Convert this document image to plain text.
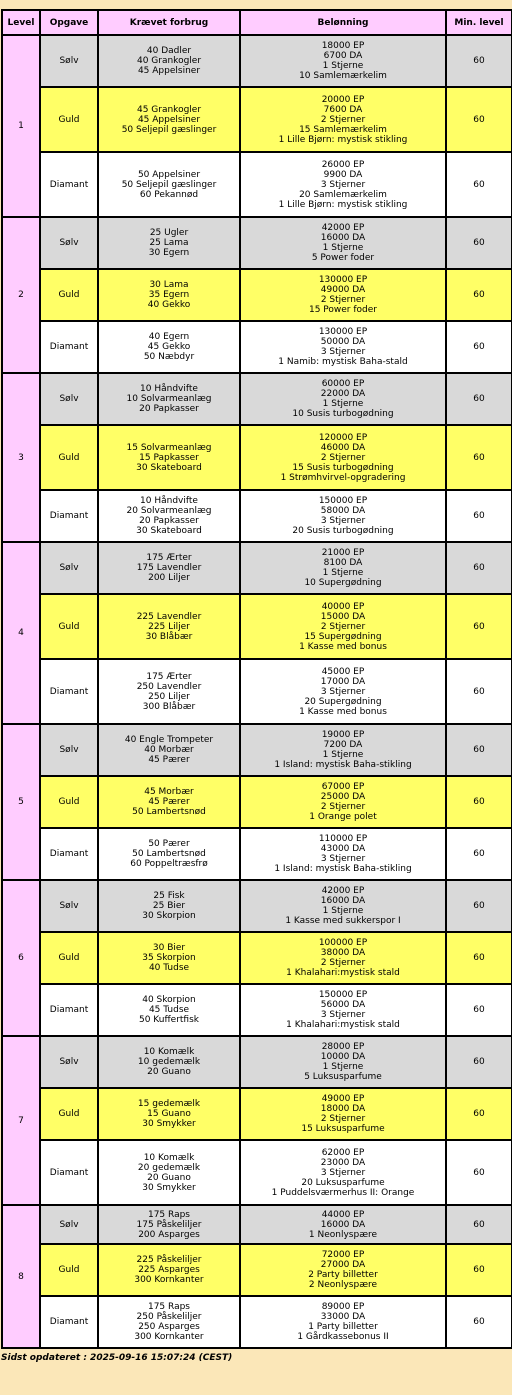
Level	Opgave	Krævet forbrug	Belønning	Min. level
1	Sølv	40 Dadler
40 Grankogler
45 Appelsiner	18000 EP
6700 DA
1 Stjerne
10 Samlemærkelim	60
	Guld	45 Grankogler
45 Appelsiner
50 Seljepil gæslinger	20000 EP
7600 DA
2 Stjerner
15 Samlemærkelim
1 Lille Bjørn: mystisk stikling	60
	Diamant	50 Appelsiner
50 Seljepil gæslinger
60 Pekannød	26000 EP
9900 DA
3 Stjerner
20 Samlemærkelim
1 Lille Bjørn: mystisk stikling	60
2	Sølv	25 Ugler
25 Lama
30 Egern	42000 EP
16000 DA
1 Stjerne
5 Power foder	60
	Guld	30 Lama
35 Egern
40 Gekko	130000 EP
49000 DA
2 Stjerner
15 Power foder	60
	Diamant	40 Egern
45 Gekko
50 Næbdyr	130000 EP
50000 DA
3 Stjerner
1 Namib: mystisk Baha-stald	60
3	Sølv	10 Håndvifte
10 Solvarmeanlæg
20 Papkasser	60000 EP
22000 DA
1 Stjerne
10 Susis turbogødning	60
	Guld	15 Solvarmeanlæg
15 Papkasser
30 Skateboard	120000 EP
46000 DA
2 Stjerner
15 Susis turbogødning
1 Strømhvirvel-opgradering	60
	Diamant	10 Håndvifte
20 Solvarmeanlæg
20 Papkasser
30 Skateboard	150000 EP
58000 DA
3 Stjerner
20 Susis turbogødning	60
4	Sølv	175 Ærter
175 Lavendler
200 Liljer	21000 EP
8100 DA
1 Stjerne
10 Supergødning	60
	Guld	225 Lavendler
225 Liljer
30 Blåbær	40000 EP
15000 DA
2 Stjerner
15 Supergødning
1 Kasse med bonus	60
	Diamant	175 Ærter
250 Lavendler
250 Liljer
300 Blåbær	45000 EP
17000 DA
3 Stjerner
20 Supergødning
1 Kasse med bonus	60
5	Sølv	40 Engle Trompeter
40 Morbær
45 Pærer	19000 EP
7200 DA
1 Stjerne
1 Island: mystisk Baha-stikling	60
	Guld	45 Morbær
45 Pærer
50 Lambertsnød	67000 EP
25000 DA
2 Stjerner
1 Orange polet	60
	Diamant	50 Pærer
50 Lambertsnød
60 Poppeltræsfrø	110000 EP
43000 DA
3 Stjerner
1 Island: mystisk Baha-stikling	60
6	Sølv	25 Fisk
25 Bier
30 Skorpion	42000 EP
16000 DA
1 Stjerne
1 Kasse med sukkerspor I	60
	Guld	30 Bier
35 Skorpion
40 Tudse	100000 EP
38000 DA
2 Stjerner
1 Khalahari:mystisk stald	60
	Diamant	40 Skorpion
45 Tudse
50 Kuffertfisk	150000 EP
56000 DA
3 Stjerner
1 Khalahari:mystisk stald	60
7	Sølv	10 Komælk
10 gedemælk
20 Guano	28000 EP
10000 DA
1 Stjerne
5 Luksusparfume	60
	Guld	15 gedemælk
15 Guano
30 Smykker	49000 EP
18000 DA
2 Stjerner
15 Luksusparfume	60
	Diamant	10 Komælk
20 gedemælk
20 Guano
30 Smykker	62000 EP
23000 DA
3 Stjerner
20 Luksusparfume
1 Puddelsværmerhus II: Orange	60
8	Sølv	175 Raps
175 Påskeliljer
200 Asparges	44000 EP
16000 DA
1 Neonlyspære	60
	Guld	225 Påskeliljer
225 Asparges
300 Kornkanter	72000 EP
27000 DA
2 Party billetter
2 Neonlyspære	60
	Diamant	175 Raps
250 Påskeliljer
250 Asparges
300 Kornkanter	89000 EP
33000 DA
1 Party billetter
1 Gårdkassebonus II	60
Sidst opdateret : 2025-09-16 15:07:24 (CEST)
